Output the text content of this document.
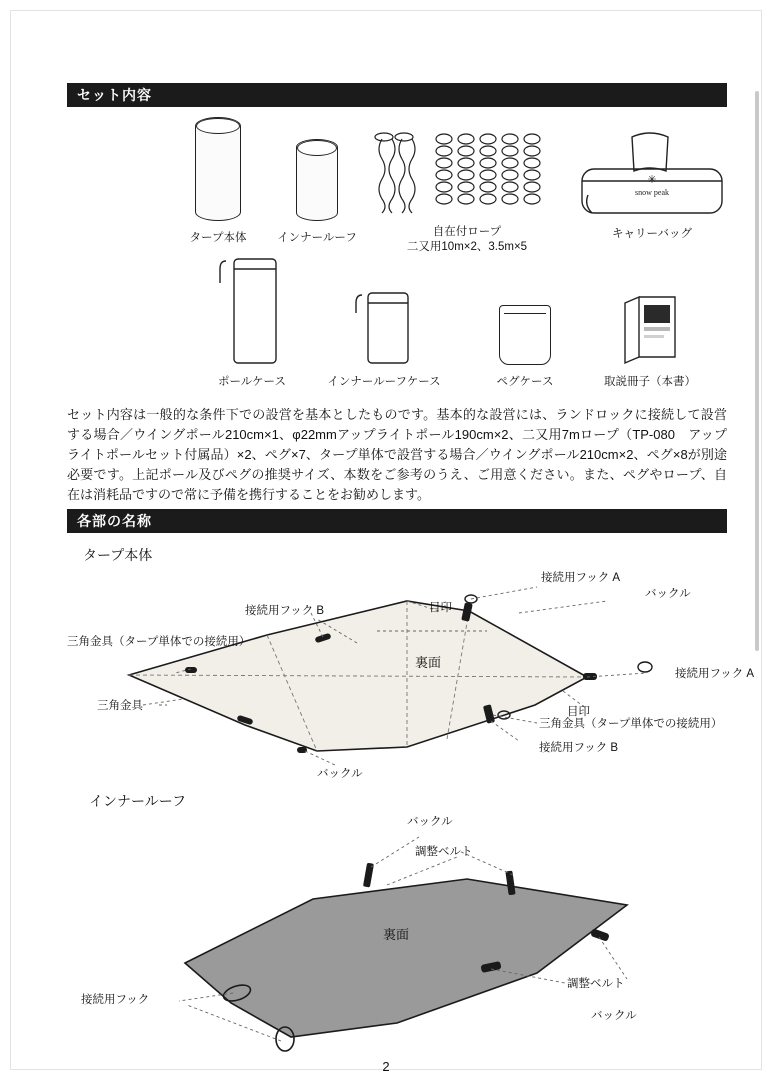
セット内容
タープ本体	インナールーフ	自在付ロープ
二又用10m×2、3.5m×5
snow peak
✳
キャリーバッグ
ポールケース	インナールーフケース	ペグケース	取説冊子（本書）
セット内容は一般的な条件下での設営を基本としたものです。基本的な設営には、ランドロックに接続して設営する場合／ウイングポール210cm×1、φ22mmアップライトポール190cm×2、二又用7mロープ（TP-080　アップライトポールセット付属品）×2、ペグ×7、タープ単体で設営する場合／ウイングポール210cm×2、ペグ×8が別途必要です。上記ポール及びペグの推奨サイズ、本数をご参考のうえ、ご用意ください。また、ペグやロープ、自在は消耗品ですので常に予備を携行することをお勧めします。
各部の名称
タープ本体
接続用フック A
接続用フック B	目印
バックル
三角金具（タープ単体での接続用）
接続用フック A
目印
三角金具（タープ単体での接続用）
接続用フック B
三角金具
バックル
裏面
インナールーフ
バックル
調整ベルト
調整ベルト
バックル
接続用フック
裏面
2
